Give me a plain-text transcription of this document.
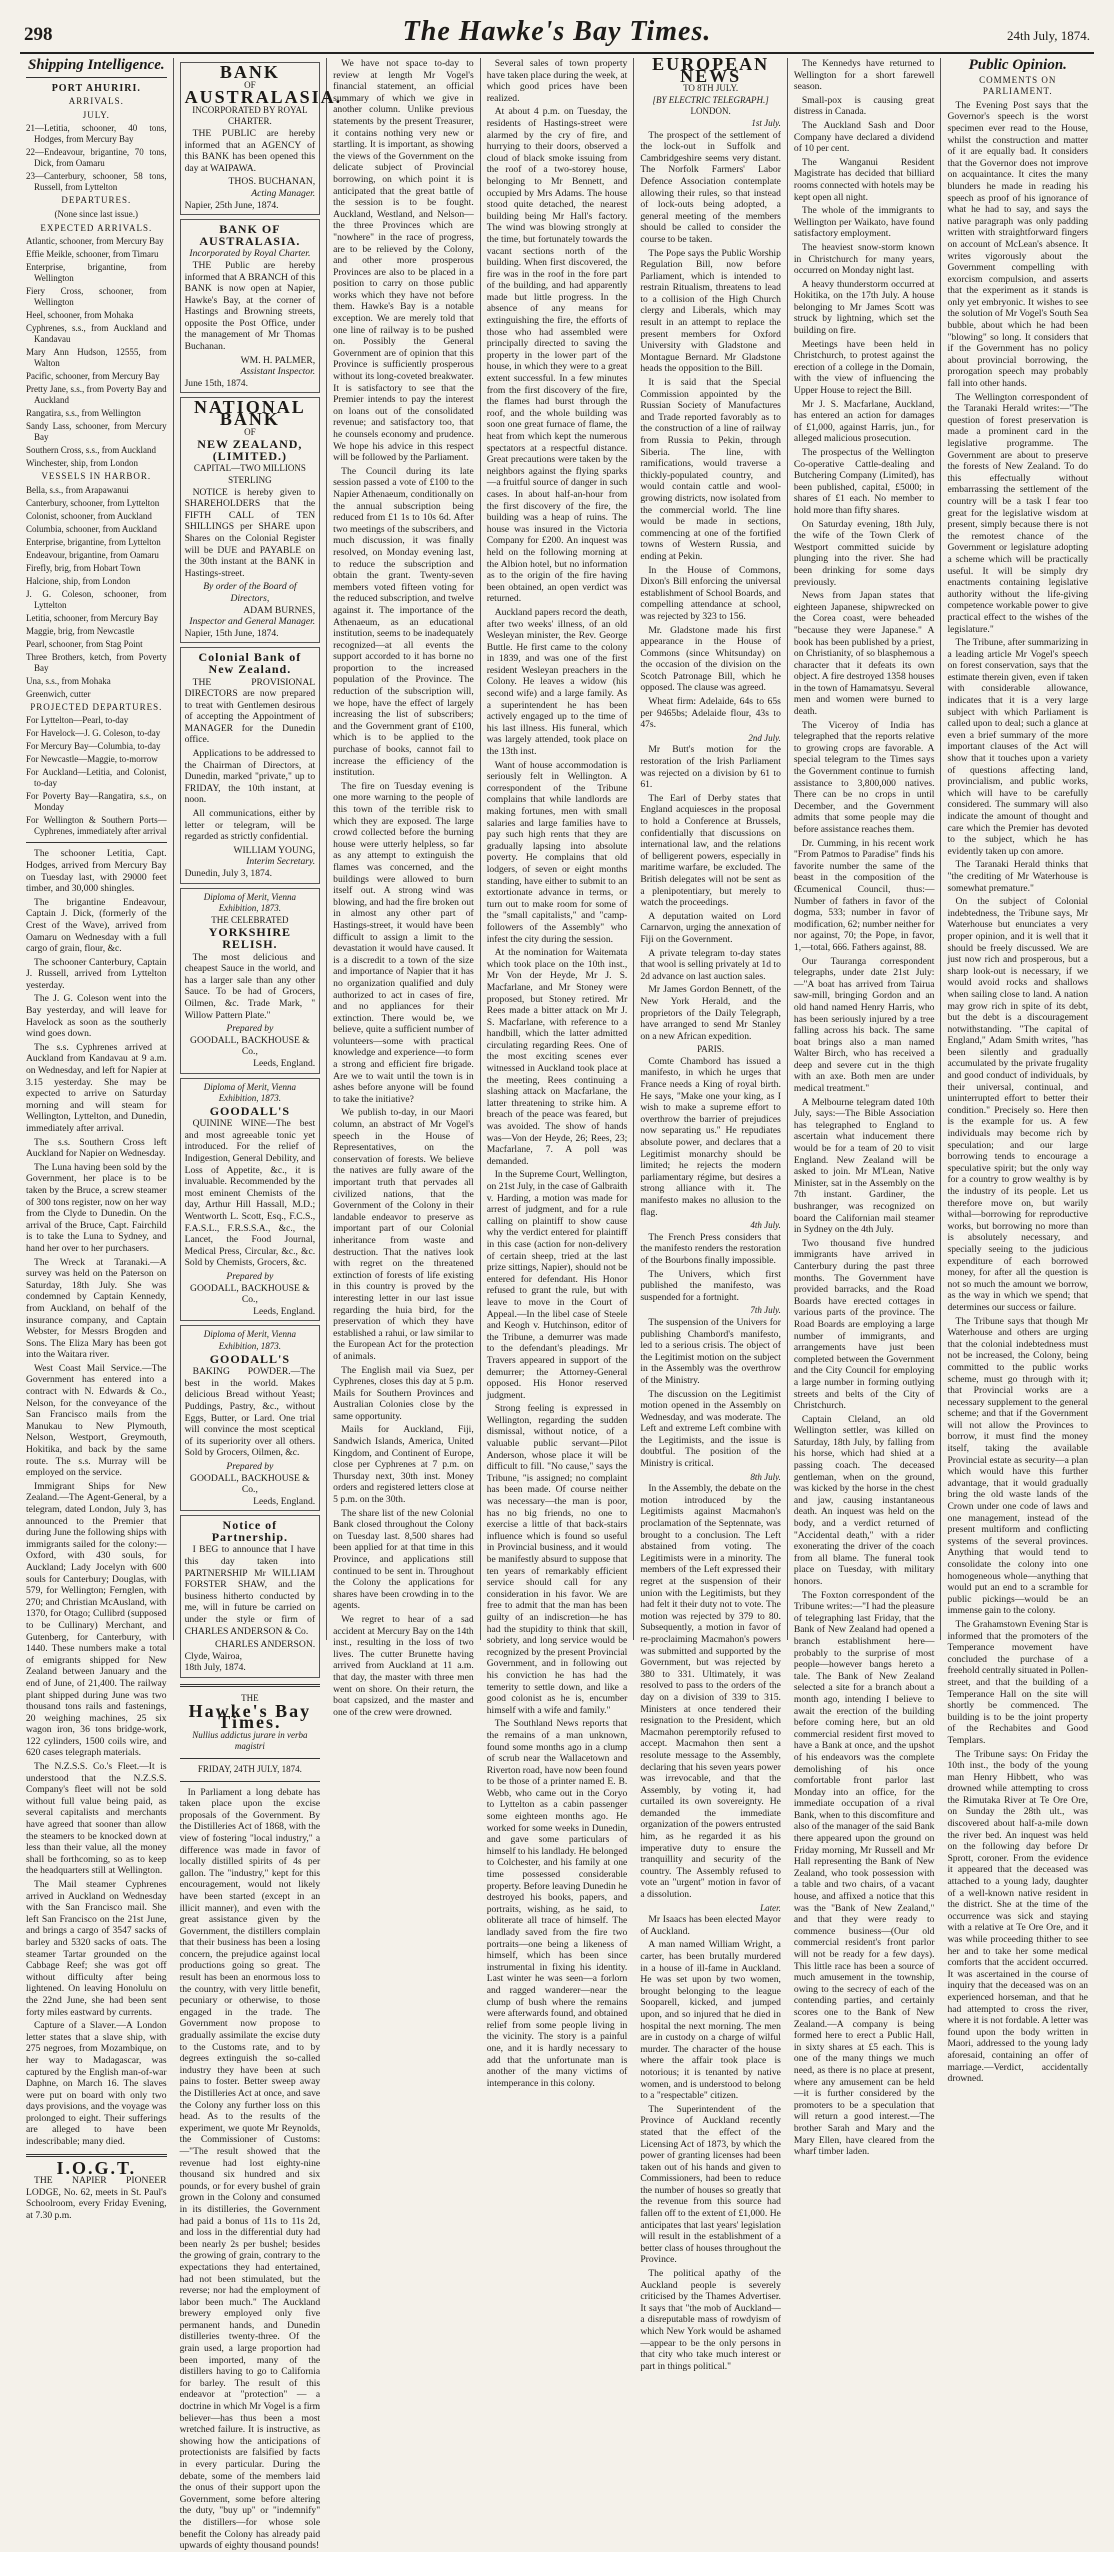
298	The Hawke's Bay Times.	24th July, 1874.
Shipping Intelligence.
PORT AHURIRI.
ARRIVALS.
JULY.
21—Letitia, schooner, 40 tons, Hodges, from Mercury Bay
22—Endeavour, brigantine, 70 tons, Dick, from Oamaru
23—Canterbury, schooner, 58 tons, Russell, from Lyttelton
DEPARTURES.
(None since last issue.)
EXPECTED ARRIVALS.
Atlantic, schooner, from Mercury Bay
Effie Meikle, schooner, from Timaru
Enterprise, brigantine, from Wellington
Fiery Cross, schooner, from Wellington
Heel, schooner, from Mohaka
Cyphrenes, s.s., from Auckland and Kandavau
Mary Ann Hudson, 12555, from Walton
Pacific, schooner, from Mercury Bay
Pretty Jane, s.s., from Poverty Bay and Auckland
Rangatira, s.s., from Wellington
Sandy Lass, schooner, from Mercury Bay
Southern Cross, s.s., from Auckland
Winchester, ship, from London
VESSELS IN HARBOR.
Bella, s.s., from Arapawanui
Canterbury, schooner, from Lyttelton
Colonist, schooner, from Auckland
Columbia, schooner, from Auckland
Enterprise, brigantine, from Lyttelton
Endeavour, brigantine, from Oamaru
Firefly, brig, from Hobart Town
Halcione, ship, from London
J. G. Coleson, schooner, from Lyttelton
Letitia, schooner, from Mercury Bay
Maggie, brig, from Newcastle
Pearl, schooner, from Stag Point
Three Brothers, ketch, from Poverty Bay
Una, s.s., from Mohaka
Greenwich, cutter
PROJECTED DEPARTURES.
For Lyttelton—Pearl, to-day
For Havelock—J. G. Coleson, to-day
For Mercury Bay—Columbia, to-day
For Newcastle—Maggie, to-morrow
For Auckland—Letitia, and Colonist, to-day
For Poverty Bay—Rangatira, s.s., on Monday
For Wellington & Southern Ports—Cyphrenes, immediately after arrival

The schooner Letitia, Capt. Hodges, arrived from Mercury Bay on Tuesday last, with 29000 feet timber, and 30,000 shingles.

The brigantine Endeavour, Captain J. Dick, (formerly of the Crest of the Wave), arrived from Oamaru on Wednesday with a full cargo of grain, flour, &c.

The schooner Canterbury, Captain J. Russell, arrived from Lyttelton yesterday.

The J. G. Coleson went into the Bay yesterday, and will leave for Havelock as soon as the southerly wind goes down.

The s.s. Cyphrenes arrived at Auckland from Kandavau at 9 a.m. on Wednesday, and left for Napier at 3.15 yesterday. She may be expected to arrive on Saturday morning and will steam for Wellington, Lyttelton, and Dunedin, immediately after arrival.

The s.s. Southern Cross left Auckland for Napier on Wednesday.

The Luna having been sold by the Government, her place is to be taken by the Bruce, a screw steamer of 300 tons register, now on her way from the Clyde to Dunedin. On the arrival of the Bruce, Capt. Fairchild is to take the Luna to Sydney, and hand her over to her purchasers.

The Wreck at Taranaki.—A survey was held on the Paterson on Saturday, 18th July. She was condemned by Captain Kennedy, from Auckland, on behalf of the insurance company, and Captain Webster, for Messrs Brogden and Sons. The Eliza Mary has been got into the Waitara river.

West Coast Mail Service.—The Government has entered into a contract with N. Edwards & Co., Nelson, for the conveyance of the San Francisco mails from the Manukau to New Plymouth, Nelson, Westport, Greymouth, Hokitika, and back by the same route. The s.s. Murray will be employed on the service.

Immigrant Ships for New Zealand.—The Agent-General, by a telegram, dated London, July 3, has announced to the Premier that during June the following ships with immigrants sailed for the colony:—Oxford, with 430 souls, for Auckland; Lady Jocelyn with 600 souls for Canterbury; Douglas, with 579, for Wellington; Fernglen, with 270; and Christian McAusland, with 1370, for Otago; Cullibrd (supposed to be Cullinary) Merchant, and Gutenberg, for Canterbury, with 1440. These numbers make a total of emigrants shipped for New Zealand between January and the end of June, of 21,400. The railway plant shipped during June was two thousand tons rails and fastenings, 20 weighing machines, 25 six wagon iron, 36 tons bridge-work, 122 cylinders, 1500 coils wire, and 620 cases telegraph materials.

The N.Z.S.S. Co.'s Fleet.—It is understood that the N.Z.S.S. Company's fleet will not be sold without full value being paid, as several capitalists and merchants have agreed that sooner than allow the steamers to be knocked down at less than their value, all the money shall be forthcoming, so as to keep the headquarters still at Wellington.

The Mail steamer Cyphrenes arrived in Auckland on Wednesday with the San Francisco mail. She left San Francisco on the 21st June, and brings a cargo of 3547 sacks of barley and 5320 sacks of oats. The steamer Tartar grounded on the Cabbage Reef; she was got off without difficulty after being lightened. On leaving Honolulu on the 22nd June, she had been sent forty miles eastward by currents.

Capture of a Slaver.—A London letter states that a slave ship, with 275 negroes, from Mozambique, on her way to Madagascar, was captured by the English man-of-war Daphne, on March 16. The slaves were put on board with only two days provisions, and the voyage was prolonged to eight. Their sufferings are alleged to have been indescribable; many died.

I.O.G.T.

THE NAPIER PIONEER LODGE, No. 62, meets in St. Paul's Schoolroom, every Friday Evening, at 7.30 p.m.

BANK
OF
AUSTRALASIA.
INCORPORATED BY ROYAL CHARTER.

THE PUBLIC are hereby informed that an AGENCY of this BANK has been opened this day at WAIPAWA.

THOS. BUCHANAN,
Acting Manager.
Napier, 25th June, 1874.
BANK OF AUSTRALASIA.
Incorporated by Royal Charter.

THE Public are hereby informed that A BRANCH of this BANK is now open at Napier, Hawke's Bay, at the corner of Hastings and Browning streets, opposite the Post Office, under the management of Mr Thomas Buchanan.

WM. H. PALMER,
Assistant Inspector.
June 15th, 1874.
NATIONAL BANK
OF
NEW ZEALAND, (LIMITED.)
CAPITAL—TWO MILLIONS STERLING

NOTICE is hereby given to SHAREHOLDERS that the FIFTH CALL of TEN SHILLINGS per SHARE upon Shares on the Colonial Register will be DUE and PAYABLE on the 30th instant at the BANK in Hastings-street.

By order of the Board of Directors,
ADAM BURNES,
Inspector and General Manager.
Napier, 15th June, 1874.
Colonial Bank of New Zealand.

THE PROVISIONAL DIRECTORS are now prepared to treat with Gentlemen desirous of accepting the Appointment of MANAGER for the Dunedin office.

Applications to be addressed to the Chairman of Directors, at Dunedin, marked "private," up to FRIDAY, the 10th instant, at noon.

All communications, either by letter or telegram, will be regarded as strictly confidential.

WILLIAM YOUNG,
Interim Secretary.
Dunedin, July 3, 1874.
Diploma of Merit, Vienna Exhibition, 1873.
THE CELEBRATED
YORKSHIRE RELISH.

The most delicious and cheapest Sauce in the world, and has a larger sale than any other Sauce. To be had of Grocers, Oilmen, &c. Trade Mark, " Willow Pattern Plate."

Prepared by
GOODALL, BACKHOUSE & Co.,
Leeds, England.
Diploma of Merit, Vienna Exhibition, 1873.
GOODALL'S

QUININE WINE—The best and most agreeable tonic yet introduced. For the relief of Indigestion, General Debility, and Loss of Appetite, &c., it is invaluable. Recommended by the most eminent Chemists of the day, Arthur Hill Hassall, M.D.; Wentworth L. Scott, Esq., F.C.S., F.A.S.L., F.R.S.S.A., &c., the Lancet, the Food Journal, Medical Press, Circular, &c., &c. Sold by Chemists, Grocers, &c.

Prepared by
GOODALL, BACKHOUSE & Co.,
Leeds, England.
Diploma of Merit, Vienna Exhibition, 1873.
GOODALL'S

BAKING POWDER.—The best in the world. Makes delicious Bread without Yeast; Puddings, Pastry, &c., without Eggs, Butter, or Lard. One trial will convince the most sceptical of its superiority over all others. Sold by Grocers, Oilmen, &c.

Prepared by
GOODALL, BACKHOUSE & Co.,
Leeds, England.
Notice of Partnership.

I BEG to announce that I have this day taken into PARTNERSHIP Mr WILLIAM FORSTER SHAW, and the business hitherto conducted by me, will in future be carried on under the style or firm of CHARLES ANDERSON & Co.

CHARLES ANDERSON.
Clyde, Wairoa,
18th July, 1874.
THE
Hawke's Bay Times.
Nullius addictus jurare in verba magistri
FRIDAY, 24TH JULY, 1874.

In Parliament a long debate has taken place upon the excise proposals of the Government. By the Distilleries Act of 1868, with the view of fostering "local industry," a difference was made in favor of locally distilled spirits of 4s per gallon. The "industry," kept for this encouragement, would not likely have been started (except in an illicit manner), and even with the great assistance given by the Government, the distillers complain that their business has been a losing concern, the prejudice against local productions going so great. The result has been an enormous loss to the country, with very little benefit, pecuniary or otherwise, to those engaged in the trade. The Government now propose to gradually assimilate the excise duty to the Customs rate, and to by degrees extinguish the so-called industry they have been at such pains to foster. Better sweep away the Distilleries Act at once, and save the Colony any further loss on this head. As to the results of the experiment, we quote Mr Reynolds, the Commissioner of Customs:—"The result showed that the revenue had lost eighty-nine thousand six hundred and six pounds, or for every bushel of grain grown in the Colony and consumed in its distilleries, the Government had paid a bonus of 11s to 11s 2d, and loss in the differential duty had been nearly 2s per bushel; besides the growing of grain, contrary to the expectations they had entertained, had not been stimulated, but the reverse; nor had the employment of labor been much." The Auckland brewery employed only five permanent hands, and Dunedin distilleries twenty-three. Of the grain used, a large proportion had been imported, many of the distillers having to go to California for barley. The result of this endeavor at "protection" — a doctrine in which Mr Vogel is a firm believer—has thus been a most wretched failure. It is instructive, as showing how the anticipations of protectionists are falsified by facts in every particular. During the debate, some of the members laid the onus of their support upon the Government, some before altering the duty, "buy up" or "indemnify" the distillers—for whose sole benefit the Colony has already paid upwards of eighty thousand pounds!

We have not space to-day to review at length Mr Vogel's financial statement, an official summary of which we give in another column. Unlike previous statements by the present Treasurer, it contains nothing very new or startling. It is important, as showing the views of the Government on the delicate subject of Provincial borrowing, on which point it is anticipated that the great battle of the session is to be fought. Auckland, Westland, and Nelson—the three Provinces which are "nowhere" in the race of progress, are to be relieved by the Colony, and other more prosperous Provinces are also to be placed in a position to carry on those public works which they have not before them. Hawke's Bay is a notable exception. We are merely told that one line of railway is to be pushed on. Possibly the General Government are of opinion that this Province is sufficiently prosperous without its long-coveted breakwater. It is satisfactory to see that the Premier intends to pay the interest on loans out of the consolidated revenue; and satisfactory too, that he counsels economy and prudence. We hope his advice in this respect will be followed by the Parliament.

The Council during its late session passed a vote of £100 to the Napier Athenaeum, conditionally on the annual subscription being reduced from £1 1s to 10s 6d. After two meetings of the subscribers, and much discussion, it was finally resolved, on Monday evening last, to reduce the subscription and obtain the grant. Twenty-seven members voted fifteen voting for the reduced subscription, and twelve against it. The importance of the Athenaeum, as an educational institution, seems to be inadequately recognized—at all events the support accorded to it has borne no proportion to the increased population of the Province. The reduction of the subscription will, we hope, have the effect of largely increasing the list of subscribers; and the Government grant of £100, which is to be applied to the purchase of books, cannot fail to increase the efficiency of the institution.

The fire on Tuesday evening is one more warning to the people of this town of the terrible risk to which they are exposed. The large crowd collected before the burning house were utterly helpless, so far as any attempt to extinguish the flames was concerned, and the buildings were allowed to burn itself out. A strong wind was blowing, and had the fire broken out in almost any other part of Hastings-street, it would have been difficult to assign a limit to the devastation it would have caused. It is a discredit to a town of the size and importance of Napier that it has no organization qualified and duly authorized to act in cases of fire, and no appliances for their extinction. There would be, we believe, quite a sufficient number of volunteers—some with practical knowledge and experience—to form a strong and efficient fire brigade. Are we to wait until the town is in ashes before anyone will be found to take the initiative?

We publish to-day, in our Maori column, an abstract of Mr Vogel's speech in the House of Representatives, on the conservation of forests. We believe the natives are fully aware of the important truth that pervades all civilized nations, that the Government of the Colony in their landable endeavor to preserve as important part of our Colonial inheritance from waste and destruction. That the natives look with regret on the threatened extinction of forests of life existing in this country is proved by the interesting letter in our last issue regarding the huia bird, for the preservation of which they have established a rahui, or law similar to the European Act for the protection of animals.

The English mail via Suez, per Cyphrenes, closes this day at 5 p.m. Mails for Southern Provinces and Australian Colonies close by the same opportunity.

Mails for Auckland, Fiji, Sandwich Islands, America, United Kingdom, and Continent of Europe, close per Cyphrenes at 7 p.m. on Thursday next, 30th inst. Money orders and registered letters close at 5 p.m. on the 30th.

The share list of the new Colonial Bank closed throughout the Colony on Tuesday last. 8,500 shares had been applied for at that time in this Province, and applications still continued to be sent in. Throughout the Colony the applications for shares have been crowding in to the agents.

We regret to hear of a sad accident at Mercury Bay on the 14th inst., resulting in the loss of two lives. The cutter Brunette having arrived from Auckland at 11 a.m. that day, the master with three men went on shore. On their return, the boat capsized, and the master and one of the crew were drowned.

Several sales of town property have taken place during the week, at which good prices have been realized.

At about 4 p.m. on Tuesday, the residents of Hastings-street were alarmed by the cry of fire, and hurrying to their doors, observed a cloud of black smoke issuing from the roof of a two-storey house, belonging to Mr Bennett, and occupied by Mrs Adams. The house stood quite detached, the nearest building being Mr Hall's factory. The wind was blowing strongly at the time, but fortunately towards the vacant sections north of the building. When first discovered, the fire was in the roof in the fore part of the building, and had apparently made but little progress. In the absence of any means for extinguishing the fire, the efforts of those who had assembled were principally directed to saving the property in the lower part of the house, in which they were to a great extent successful. In a few minutes from the first discovery of the fire, the flames had burst through the roof, and the whole building was soon one great furnace of flame, the heat from which kept the numerous spectators at a respectful distance. Great precautions were taken by the neighbors against the flying sparks—a fruitful source of danger in such cases. In about half-an-hour from the first discovery of the fire, the building was a heap of ruins. The house was insured in the Victoria Company for £200. An inquest was held on the following morning at the Albion hotel, but no information as to the origin of the fire having been obtained, an open verdict was returned.

Auckland papers record the death, after two weeks' illness, of an old Wesleyan minister, the Rev. George Buttle. He first came to the colony in 1839, and was one of the first resident Wesleyan preachers in the Colony. He leaves a widow (his second wife) and a large family. As a superintendent he has been actively engaged up to the time of his last illness. His funeral, which was largely attended, took place on the 13th inst.

Want of house accommodation is seriously felt in Wellington. A correspondent of the Tribune complains that while landlords are making fortunes, men with small salaries and large families have to pay such high rents that they are gradually lapsing into absolute poverty. He complains that old lodgers, of seven or eight months standing, have either to submit to an extortionate advance in terms, or turn out to make room for some of the "small capitalists," and "camp-followers of the Assembly" who infest the city during the session.

At the nomination for Waitemata which took place on the 10th inst., Mr Von der Heyde, Mr J. S. Macfarlane, and Mr Stoney were proposed, but Stoney retired. Mr Rees made a bitter attack on Mr J. S. Macfarlane, with reference to a handbill, which the latter admitted circulating regarding Rees. One of the most exciting scenes ever witnessed in Auckland took place at the meeting, Rees continuing a slashing attack on Macfarlane, the latter threatening to strike him. A breach of the peace was feared, but was avoided. The show of hands was—Von der Heyde, 26; Rees, 23; Macfarlane, 7. A poll was demanded.

In the Supreme Court, Wellington, on 21st July, in the case of Galbraith v. Harding, a motion was made for arrest of judgment, and for a rule calling on plaintiff to show cause why the verdict entered for plaintiff in this case (action for non-delivery of certain sheep, tried at the last prize sittings, Napier), should not be entered for defendant. His Honor refused to grant the rule, but with leave to move in the Court of Appeal.—In the libel case of Steele and Keogh v. Hutchinson, editor of the Tribune, a demurrer was made to the defendant's pleadings. Mr Travers appeared in support of the demurrer; the Attorney-General opposed. His Honor reserved judgment.

Strong feeling is expressed in Wellington, regarding the sudden dismissal, without notice, of a valuable public servant—Pilot Anderson, whose place it will be difficult to fill. "No cause," says the Tribune, "is assigned; no complaint has been made. Of course neither was necessary—the man is poor, has no big friends, no one to exercise a little of that back-stairs influence which is found so useful in Provincial business, and it would be manifestly absurd to suppose that ten years of remarkably efficient service should call for any consideration in his favor. We are free to admit that the man has been guilty of an indiscretion—he has had the stupidity to think that skill, sobriety, and long service would be recognized by the present Provincial Government, and in following out his conviction he has had the temerity to settle down, and like a good colonist as he is, encumber himself with a wife and family."

The Southland News reports that the remains of a man unknown, found some months ago in a clump of scrub near the Wallacetown and Riverton road, have now been found to be those of a printer named E. B. Webb, who came out in the Coryo to Lyttelton as a cabin passenger some eighteen months ago. He worked for some weeks in Dunedin, and gave some particulars of himself to his landlady. He belonged to Colchester, and his family at one time possessed considerable property. Before leaving Dunedin he destroyed his books, papers, and portraits, wishing, as he said, to obliterate all trace of himself. The landlady saved from the fire two portraits—one being a likeness of himself, which has been since instrumental in fixing his identity. Last winter he was seen—a forlorn and ragged wanderer—near the clump of bush where the remains were afterwards found, and obtained relief from some people living in the vicinity. The story is a painful one, and it is hardly necessary to add that the unfortunate man is another of the many victims of intemperance in this colony.

EUROPEAN NEWS
TO 8TH JULY.
[BY ELECTRIC TELEGRAPH.]
LONDON.
1st July.

The prospect of the settlement of the lock-out in Suffolk and Cambridgeshire seems very distant. The Norfolk Farmers' Labor Defence Association contemplate allowing their rules, so that instead of lock-outs being adopted, a general meeting of the members should be called to consider the course to be taken.

The Pope says the Public Worship Regulation Bill, now before Parliament, which is intended to restrain Ritualism, threatens to lead to a collision of the High Church clergy and Liberals, which may result in an attempt to replace the present members for Oxford University with Gladstone and Montague Bernard. Mr Gladstone heads the opposition to the Bill.

It is said that the Special Commission appointed by the Russian Society of Manufactures and Trade reported favorably as to the construction of a line of railway from Russia to Pekin, through Siberia. The line, with ramifications, would traverse a thickly-populated country, and would contain cattle and wool-growing districts, now isolated from the commercial world. The line would be made in sections, commencing at one of the fortified towns of Western Russia, and ending at Pekin.

In the House of Commons, Dixon's Bill enforcing the universal establishment of School Boards, and compelling attendance at school, was rejected by 323 to 156.

Mr. Gladstone made his first appearance in the House of Commons (since Whitsunday) on the occasion of the division on the Scotch Patronage Bill, which he opposed. The clause was agreed.

Wheat firm: Adelaide, 64s to 65s per 9465bs; Adelaide flour, 43s to 47s.

2nd July.

Mr Butt's motion for the restoration of the Irish Parliament was rejected on a division by 61 to 61.

The Earl of Derby states that England acquiesces in the proposal to hold a Conference at Brussels, confidentially that discussions on international law, and the relations of belligerent powers, especially in maritime warfare, be excluded. The British delegates will not be sent as a plenipotentiary, but merely to watch the proceedings.

A deputation waited on Lord Carnarvon, urging the annexation of Fiji on the Government.

A private telegram to-day states that wool is selling privately at 1d to 2d advance on last auction sales.

Mr James Gordon Bennett, of the New York Herald, and the proprietors of the Daily Telegraph, have arranged to send Mr Stanley on a new African expedition.

PARIS.

Comte Chambord has issued a manifesto, in which he urges that France needs a King of royal birth. He says, "Make one your king, as I wish to make a supreme effort to overthrow the barrier of prejudices now separating us." He repudiates absolute power, and declares that a Legitimist monarchy should be limited; he rejects the modern parliamentary régime, but desires a strong alliance with it. The manifesto makes no allusion to the flag.

4th July.

The French Press considers that the manifesto renders the restoration of the Bourbons finally impossible.

The Univers, which first published the manifesto, was suspended for a fortnight.

7th July.

The suspension of the Univers for publishing Chambord's manifesto, led to a serious crisis. The object of the Legitimist motion on the subject in the Assembly was the overthrow of the Ministry.

The discussion on the Legitimist motion opened in the Assembly on Wednesday, and was moderate. The Left and extreme Left combine with the Legitimists, and the issue is doubtful. The position of the Ministry is critical.

8th July.

In the Assembly, the debate on the motion introduced by the Legitimists against Macmahon's proclamation of the Septennate, was brought to a conclusion. The Left abstained from voting. The Legitimists were in a minority. The members of the Left expressed their regret at the suspension of their union with the Legitimists, but they had felt it their duty not to vote. The motion was rejected by 379 to 80. Subsequently, a motion in favor of re-proclaiming Macmahon's powers was submitted and supported by the Government, but was rejected by 380 to 331. Ultimately, it was resolved to pass to the orders of the day on a division of 339 to 315. Ministers at once tendered their resignation to the President, which Macmahon peremptorily refused to accept. Macmahon then sent a resolute message to the Assembly, declaring that his seven years power was irrevocable, and that the Assembly, by voting it, had curtailed its own sovereignty. He demanded the immediate organization of the powers entrusted him, as he regarded it as his imperative duty to ensure the tranquillity and security of the country. The Assembly refused to vote an "urgent" motion in favor of a dissolution.

Later.

Mr Isaacs has been elected Mayor of Auckland.

A man named William Wright, a carter, has been brutally murdered in a house of ill-fame in Auckland. He was set upon by two women, brought belonging to the league Sooparell, kicked, and jumped upon, and so injured that he died in hospital the next morning. The men are in custody on a charge of wilful murder. The character of the house where the affair took place is notorious; it is tenanted by native women, and is understood to belong to a "respectable" citizen.

The Superintendent of the Province of Auckland recently stated that the effect of the Licensing Act of 1873, by which the power of granting licenses had been taken out of his hands and given to Commissioners, had been to reduce the number of houses so greatly that the revenue from this source had fallen off to the extent of £1,000. He anticipates that last years' legislation will result in the establishment of a better class of houses throughout the Province.

The political apathy of the Auckland people is severely criticised by the Thames Advertiser. It says that "the mob of Auckland—a disreputable mass of rowdyism of which New York would be ashamed—appear to be the only persons in that city who take much interest or part in things political."

The Kennedys have returned to Wellington for a short farewell season.

Small-pox is causing great distress in Canada.

The Auckland Sash and Door Company have declared a dividend of 10 per cent.

The Wanganui Resident Magistrate has decided that billiard rooms connected with hotels may be kept open all night.

The whole of the immigrants to Wellington per Waikato, have found satisfactory employment.

The heaviest snow-storm known in Christchurch for many years, occurred on Monday night last.

A heavy thunderstorm occurred at Hokitika, on the 17th July. A house belonging to Mr James Scott was struck by lightning, which set the building on fire.

Meetings have been held in Christchurch, to protest against the erection of a college in the Domain, with the view of influencing the Upper House to reject the Bill.

Mr J. S. Macfarlane, Auckland, has entered an action for damages of £1,000, against Harris, jun., for alleged malicious prosecution.

The prospectus of the Wellington Co-operative Cattle-dealing and Butchering Company (Limited), has been published, capital, £5000; in shares of £1 each. No member to hold more than fifty shares.

On Saturday evening, 18th July, the wife of the Town Clerk of Westport committed suicide by plunging into the river. She had been drinking for some days previously.

News from Japan states that eighteen Japanese, shipwrecked on the Corea coast, were beheaded "because they were Japanese." A book has been published by a priest, on Christianity, of so blasphemous a character that it defeats its own object. A fire destroyed 1358 houses in the town of Hamamatsyu. Several men and women were burned to death.

The Viceroy of India has telegraphed that the reports relative to growing crops are favorable. A special telegram to the Times says the Government continue to furnish assistance to 3,800,000 natives. There can be no crops in until December, and the Government admits that some people may die before assistance reaches them.

Dr. Cumming, in his recent work "From Patmos to Paradise" finds his favorite number the same of the beast in the composition of the Œcumenical Council, thus:—Number of fathers in favor of the dogma, 533; number in favor of modification, 62; number neither for nor against, 70; the Pope, in favor, 1,—total, 666. Fathers against, 88.

Our Tauranga correspondent telegraphs, under date 21st July:—"A boat has arrived from Tairua saw-mill, bringing Gordon and an old hand named Henry Harris, who has been seriously injured by a tree falling across his back. The same boat brings also a man named Walter Birch, who has received a deep and severe cut in the thigh with an axe. Both men are under medical treatment."

A Melbourne telegram dated 10th July, says:—The Bible Association has telegraphed to England to ascertain what inducement there would be for a team of 20 to visit England. New Zealand will be asked to join. Mr M'Lean, Native Minister, sat in the Assembly on the 7th instant. Gardiner, the bushranger, was recognized on board the Californian mail steamer in Sydney on the 4th July.

Two thousand five hundred immigrants have arrived in Canterbury during the past three months. The Government have provided barracks, and the Road Boards have erected cottages in various parts of the province. The Road Boards are employing a large number of immigrants, and arrangements have just been completed between the Government and the City Council for employing a large number in forming outlying streets and belts of the City of Christchurch.

Captain Cleland, an old Wellington settler, was killed on Saturday, 18th July, by falling from his horse, which had shied at a passing coach. The deceased gentleman, when on the ground, was kicked by the horse in the chest and jaw, causing instantaneous death. An inquest was held on the body, and a verdict returned of "Accidental death," with a rider exonerating the driver of the coach from all blame. The funeral took place on Tuesday, with military honors.

The Foxton correspondent of the Tribune writes:—"I had the pleasure of telegraphing last Friday, that the Bank of New Zealand had opened a branch establishment here—probably to the surprise of most people—however bangs hereto a tale. The Bank of New Zealand selected a site for a branch about a month ago, intending I believe to await the erection of the building before coming here, but an old commercial resident first moved to have a Bank at once, and the upshot of his endeavors was the complete demolishing of his once comfortable front parlor last Monday into an office, for the immediate occupation of a rival Bank, when to this discomfiture and also of the manager of the said Bank there appeared upon the ground on Friday morning, Mr Russell and Mr Hall representing the Bank of New Zealand, who took possession with a table and two chairs, of a vacant house, and affixed a notice that this was the "Bank of New Zealand," and that they were ready to commence business—(Our old commercial resident's front parlor will not be ready for a few days). This little race has been a source of much amusement in the township, owing to the secrecy of each of the contending parties, and certainly scores one to the Bank of New Zealand.—A company is being formed here to erect a Public Hall, in sixty shares at £5 each. This is one of the many things we much need, as there is no place at present, where any amusement can be held—it is further considered by the promoters to be a speculation that will return a good interest.—The brother Sarah and Mary and the Mary Ellen, have cleared from the wharf timber laden.

Public Opinion.
COMMENTS ON PARLIAMENT.

The Evening Post says that the Governor's speech is the worst specimen ever read to the House, whilst the construction and matter of it are equally bad. It considers that the Governor does not improve on acquaintance. It cites the many blunders he made in reading his speech as proof of his ignorance of what he had to say, and says the native paragraph was only padding written with straightforward fingers on account of McLean's absence. It writes vigorously about the Government compelling with exorcism compulsion, and asserts that the experiment as it stands is only yet embryonic. It wishes to see the solution of Mr Vogel's South Sea bubble, about which he had been "blowing" so long. It considers that if the Government has no policy about provincial borrowing, the prorogation speech may probably fall into other hands.

The Wellington correspondent of the Taranaki Herald writes:—"The question of forest preservation is made a prominent card in the legislative programme. The Government are about to preserve the forests of New Zealand. To do this effectually without embarrassing the settlement of the country will be a task I fear too great for the legislative wisdom at present, simply because there is not the remotest chance of the Government or legislature adopting a scheme which will be practically useful. It will be simply dry enactments containing legislative authority without the life-giving competence workable power to give practical effect to the wishes of the legislature."

The Tribune, after summarizing in a leading article Mr Vogel's speech on forest conservation, says that the estimate therein given, even if taken with considerable allowance, indicates that it is a very large subject with which Parliament is called upon to deal; such a glance at even a brief summary of the more important clauses of the Act will show that it touches upon a variety of questions affecting land, provincialism, and public works, which will have to be carefully considered. The summary will also indicate the amount of thought and care which the Premier has devoted to the subject, which he has evidently taken up con amore.

The Taranaki Herald thinks that "the crediting of Mr Waterhouse is somewhat premature."

On the subject of Colonial indebtedness, the Tribune says, Mr Waterhouse but enunciates a very proper opinion, and it is well that it should be freely discussed. We are just now rich and prosperous, but a sharp look-out is necessary, if we would avoid rocks and shallows when sailing close to land. A nation may grow rich in spite of its debt, but the debt is a discouragement notwithstanding. "The capital of England," Adam Smith writes, "has been silently and gradually accumulated by the private frugality and good conduct of individuals, by their universal, continual, and uninterrupted effort to better their condition." Precisely so. Here then is the example for us. A few individuals may become rich by speculation; and our large borrowing tends to encourage a speculative spirit; but the only way for a country to grow wealthy is by the industry of its people. Let us therefore move on, but warily withal—borrowing for reproductive works, but borrowing no more than is absolutely necessary, and specially seeing to the judicious expenditure of each borrowed money, for after all the question is not so much the amount we borrow, as the way in which we spend; that determines our success or failure.

The Tribune says that though Mr Waterhouse and others are urging that the colonial indebtedness must not be increased, the Colony, being committed to the public works scheme, must go through with it; that Provincial works are a necessary supplement to the general scheme; and that if the Government will not allow the Provinces to borrow, it must find the money itself, taking the available Provincial estate as security—a plan which would have this further advantage, that it would gradually bring the old waste lands of the Crown under one code of laws and one management, instead of the present multiform and conflicting systems of the several provinces. Anything that would tend to consolidate the colony into one homogeneous whole—anything that would put an end to a scramble for public pickings—would be an immense gain to the colony.

The Grahamstown Evening Star is informed that the promoters of the Temperance movement have concluded the purchase of a freehold centrally situated in Pollen-street, and that the building of a Temperance Hall on the site will shortly be commenced. The building is to be the joint property of the Rechabites and Good Templars.

The Tribune says: On Friday the 10th inst., the body of the young man Henry Hibbett, who was drowned while attempting to cross the Rimutaka River at Te Ore Ore, on Sunday the 28th ult., was discovered about half-a-mile down the river bed. An inquest was held on the following day before Dr Sprott, coroner. From the evidence it appeared that the deceased was attached to a young lady, daughter of a well-known native resident in the district. She at the time of the occurrence was sick and staying with a relative at Te Ore Ore, and it was while proceeding thither to see her and to take her some medical comforts that the accident occurred. It was ascertained in the course of inquiry that the deceased was on an experienced horseman, and that he had attempted to cross the river, where it is not fordable. A letter was found upon the body written in Maori, addressed to the young lady aforesaid, containing an offer of marriage.—Verdict, accidentally drowned.
